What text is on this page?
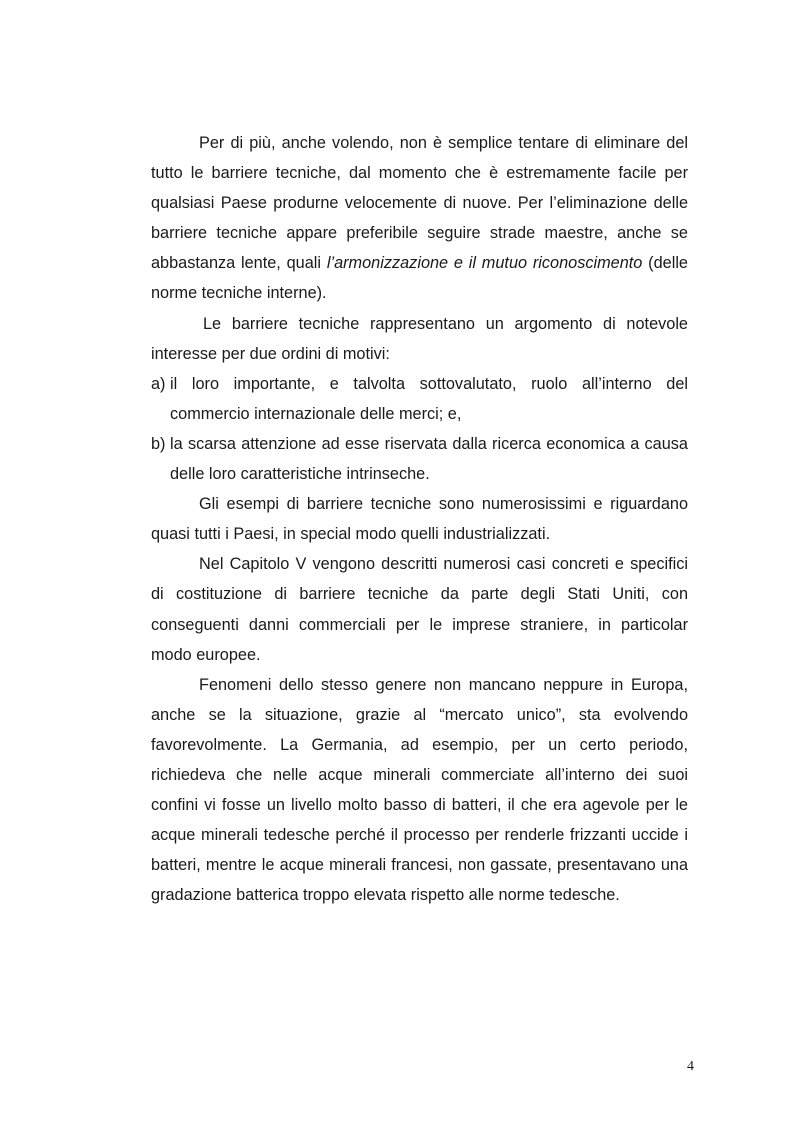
Per di più, anche volendo, non è semplice tentare di eliminare del tutto le barriere tecniche, dal momento che è estremamente facile per qualsiasi Paese produrne velocemente di nuove. Per l’eliminazione delle barriere tecniche appare preferibile seguire strade maestre, anche se abbastanza lente, quali l’armonizzazione e il mutuo riconoscimento (delle norme tecniche interne).

Le barriere tecniche rappresentano un argomento di notevole interesse per due ordini di motivi:

a) il loro importante, e talvolta sottovalutato, ruolo all’interno del commercio internazionale delle merci; e,

b) la scarsa attenzione ad esse riservata dalla ricerca economica a causa delle loro caratteristiche intrinseche.

Gli esempi di barriere tecniche sono numerosissimi e riguardano quasi tutti i Paesi, in special modo quelli industrializzati.

Nel Capitolo V vengono descritti numerosi casi concreti e specifici di costituzione di barriere tecniche da parte degli Stati Uniti, con conseguenti danni commerciali per le imprese straniere, in particolar modo europee.

Fenomeni dello stesso genere non mancano neppure in Europa, anche se la situazione, grazie al “mercato unico”, sta evolvendo favorevolmente. La Germania, ad esempio, per un certo periodo, richiedeva che nelle acque minerali commerciate all’interno dei suoi confini vi fosse un livello molto basso di batteri, il che era agevole per le acque minerali tedesche perché il processo per renderle frizzanti uccide i batteri, mentre le acque minerali francesi, non gassate, presentavano una gradazione batterica troppo elevata rispetto alle norme tedesche.

4
